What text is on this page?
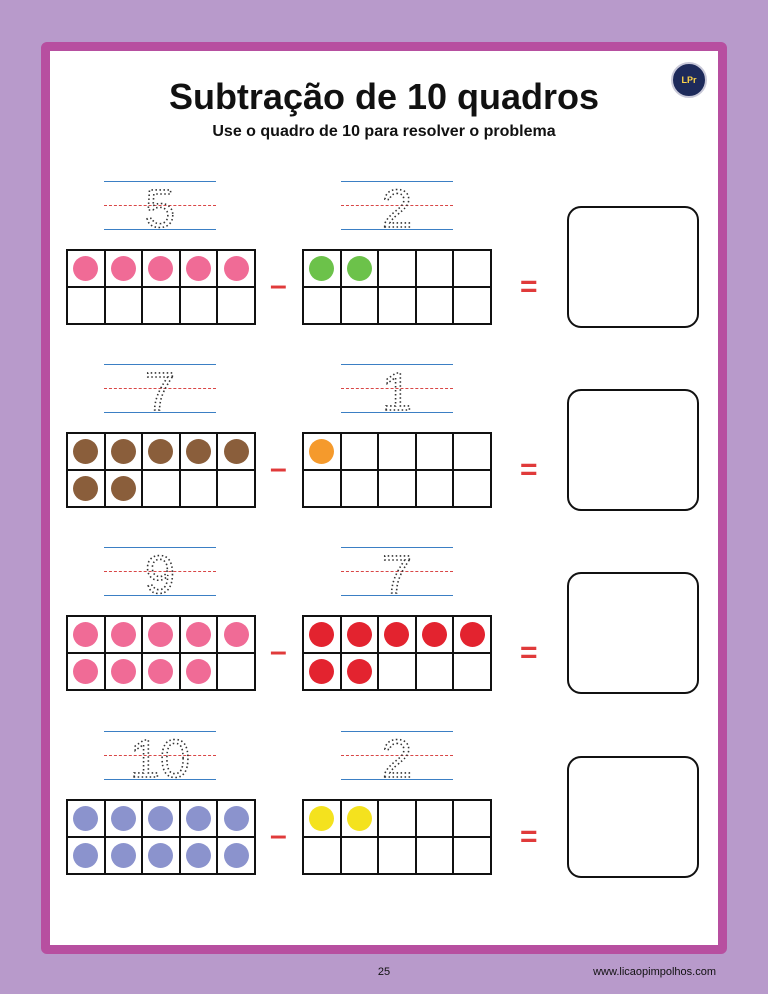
Subtração de 10 quadros
Use o quadro de 10 para resolver o problema
LPr
5	2
–	=
7	1
–	=
9	7
–	=
10	2
–	=
25	www.licaopimpolhos.com
